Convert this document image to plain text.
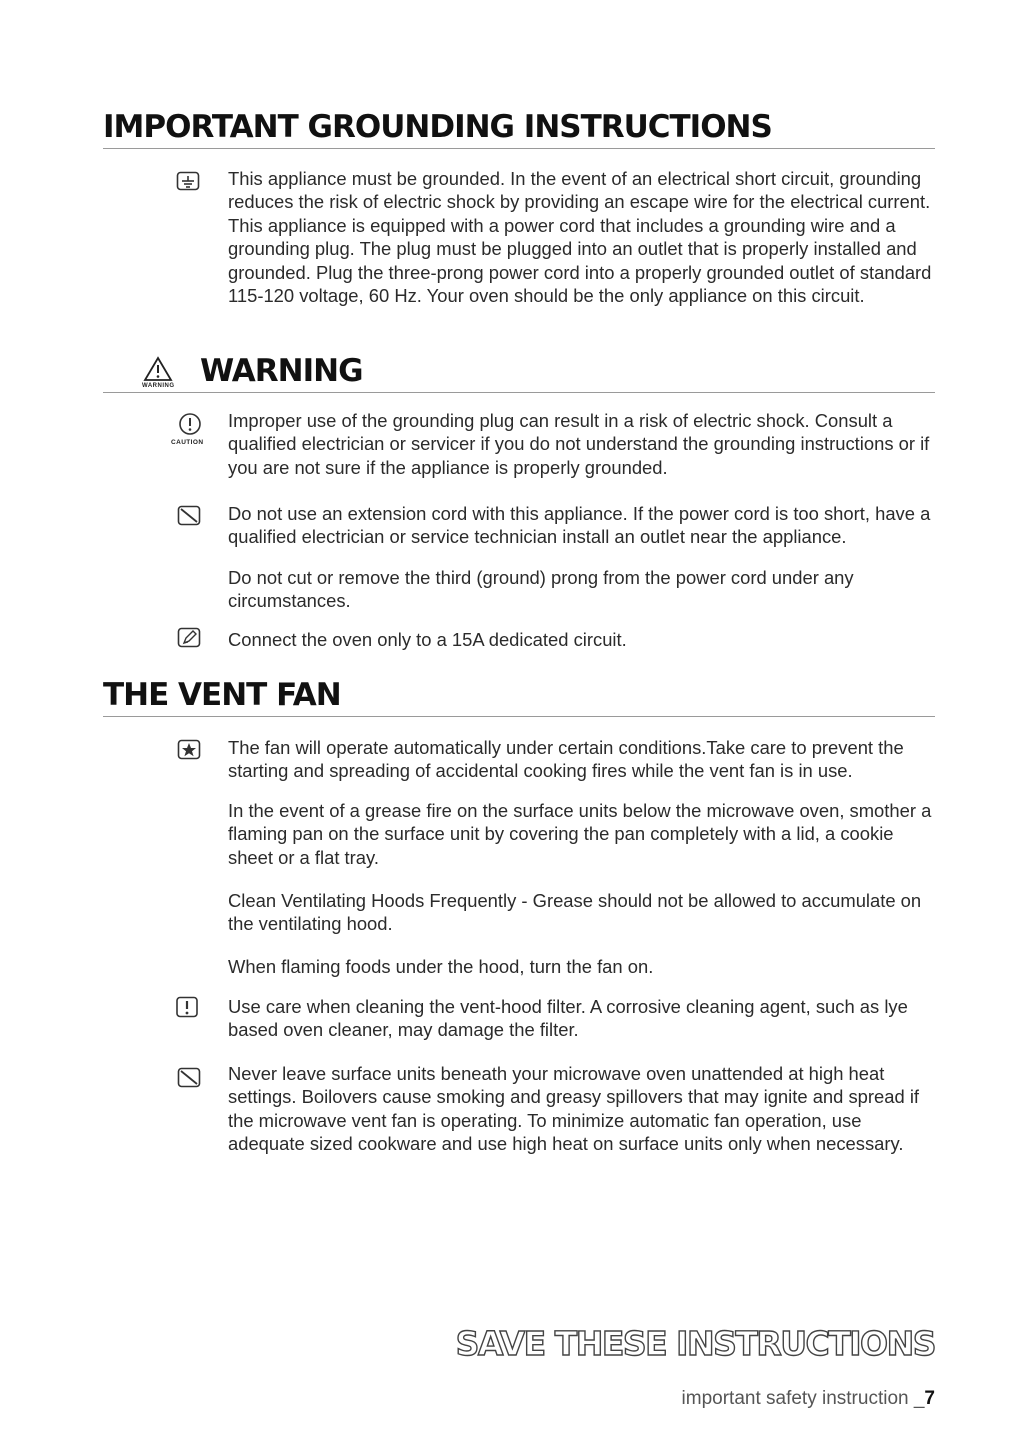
IMPORTANT GROUNDING INSTRUCTIONS

This appliance must be grounded. In the event of an electrical short circuit, grounding reduces the risk of electric shock by providing an escape wire for the electrical current. This appliance is equipped with a power cord that includes a grounding wire and a grounding plug. The plug must be plugged into an outlet that is properly installed and grounded. Plug the three-prong power cord into a properly grounded outlet of standard 115-120 voltage, 60 Hz. Your oven should be the only appliance on this circuit.

WARNING WARNING
CAUTION

Improper use of the grounding plug can result in a risk of electric shock. Consult a qualified electrician or servicer if you do not understand the grounding instructions or if you are not sure if the appliance is properly grounded.

Do not use an extension cord with this appliance. If the power cord is too short, have a qualified electrician or service technician install an outlet near the appliance.

Do not cut or remove the third (ground) prong from the power cord under any circumstances.

Connect the oven only to a 15A dedicated circuit.

THE VENT FAN

The fan will operate automatically under certain conditions.Take care to prevent the starting and spreading of accidental cooking fires while the vent fan is in use.

In the event of a grease fire on the surface units below the microwave oven, smother a flaming pan on the surface unit by covering the pan completely with a lid, a cookie sheet or a flat tray.

Clean Ventilating Hoods Frequently - Grease should not be allowed to accumulate on the ventilating hood.

When flaming foods under the hood, turn the fan on.

Use care when cleaning the vent-hood filter. A corrosive cleaning agent, such as lye based oven cleaner, may damage the filter.

Never leave surface units beneath your microwave oven unattended at high heat settings. Boilovers cause smoking and greasy spillovers that may ignite and spread if the microwave vent fan is operating. To minimize automatic fan operation, use adequate sized cookware and use high heat on surface units only when necessary.

SAVE THESE INSTRUCTIONS
important safety instruction _7
